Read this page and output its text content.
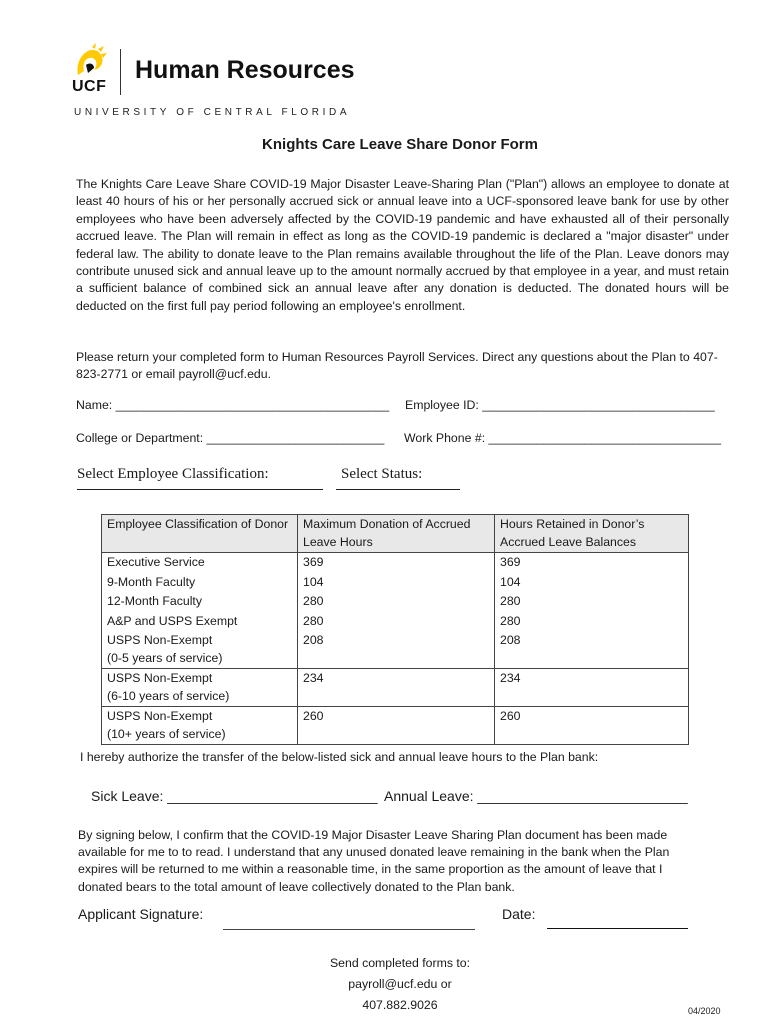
UCF
Human Resources
UNIVERSITY OF CENTRAL FLORIDA
Knights Care Leave Share Donor Form
The Knights Care Leave Share COVID-19 Major Disaster Leave-Sharing Plan ("Plan") allows an employee to donate at least 40 hours of his or her personally accrued sick or annual leave into a UCF-sponsored leave bank for use by other employees who have been adversely affected by the COVID-19 pandemic and have exhausted all of their personally accrued leave. The Plan will remain in effect as long as the COVID-19 pandemic is declared a "major disaster" under federal law. The ability to donate leave to the Plan remains available throughout the life of the Plan. Leave donors may contribute unused sick and annual leave up to the amount normally accrued by that employee in a year, and must retain a sufficient balance of combined sick an annual leave after any donation is deducted. The donated hours will be deducted on the first full pay period following an employee's enrollment.
Please return your completed form to Human Resources Payroll Services. Direct any questions about the Plan to 407-823-2771 or email payroll@ucf.edu.
Name: ________________________________________ Employee ID: __________________________________
College or Department: __________________________ Work Phone #: __________________________________
Select Employee Classification:	Select Status:
Employee Classification of Donor	Maximum Donation of Accrued Leave Hours	Hours Retained in Donor’s Accrued Leave Balances
Executive Service	369	369
9-Month Faculty	104	104
12-Month Faculty	280	280
A&P and USPS Exempt	280	280

USPS Non-Exempt
(0-5 years of service)	208	208

USPS Non-Exempt
(6-10 years of service)	234	234

USPS Non-Exempt
(10+ years of service)	260	260
I hereby authorize the transfer of the below-listed sick and annual leave hours to the Plan bank:
Sick Leave: ___________________________ Annual Leave: ___________________________
By signing below, I confirm that the COVID-19 Major Disaster Leave Sharing Plan document has been made available for me to to read. I understand that any unused donated leave remaining in the bank when the Plan expires will be returned to me within a reasonable time, in the same proportion as the amount of leave that I donated bears to the total amount of leave collectively donated to the Plan bank.
Applicant Signature:	Date:
Send completed forms to:
payroll@ucf.edu or
407.882.9026	04/2020
